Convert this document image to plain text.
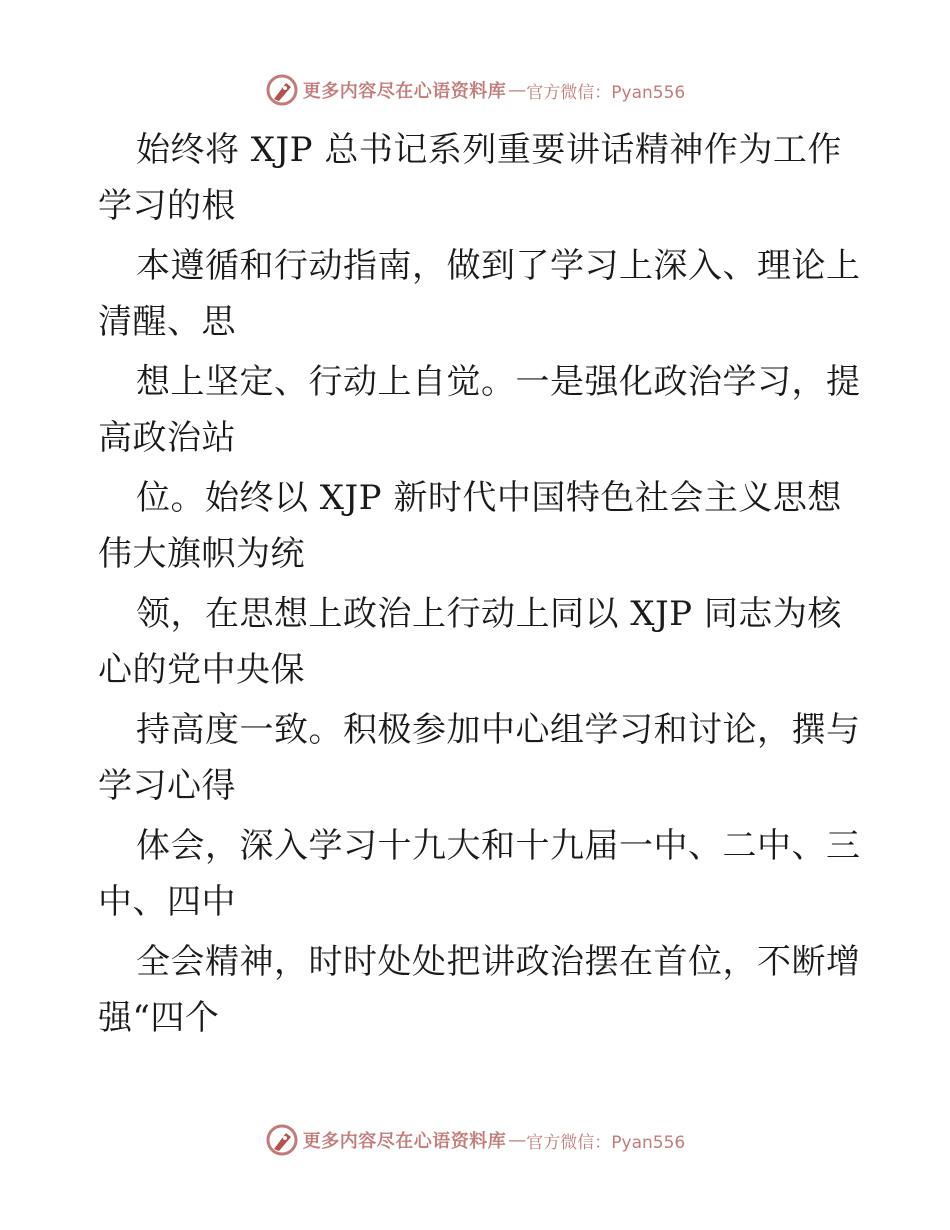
更多内容尽在心语资料库 — 官方微信：Pyan556
始终将 XJP 总书记系列重要讲话精神作为工作
学习的根
本遵循和行动指南，做到了学习上深入、理论上
清醒、思
想上坚定、行动上自觉。一是强化政治学习，提
高政治站
位。始终以 XJP 新时代中国特色社会主义思想
伟大旗帜为统
领，在思想上政治上行动上同以 XJP 同志为核
心的党中央保
持高度一致。积极参加中心组学习和讨论，撰与
学习心得
体会，深入学习十九大和十九届一中、二中、三
中、四中
全会精神，时时处处把讲政治摆在首位，不断增
强“四个
更多内容尽在心语资料库 — 官方微信：Pyan556
